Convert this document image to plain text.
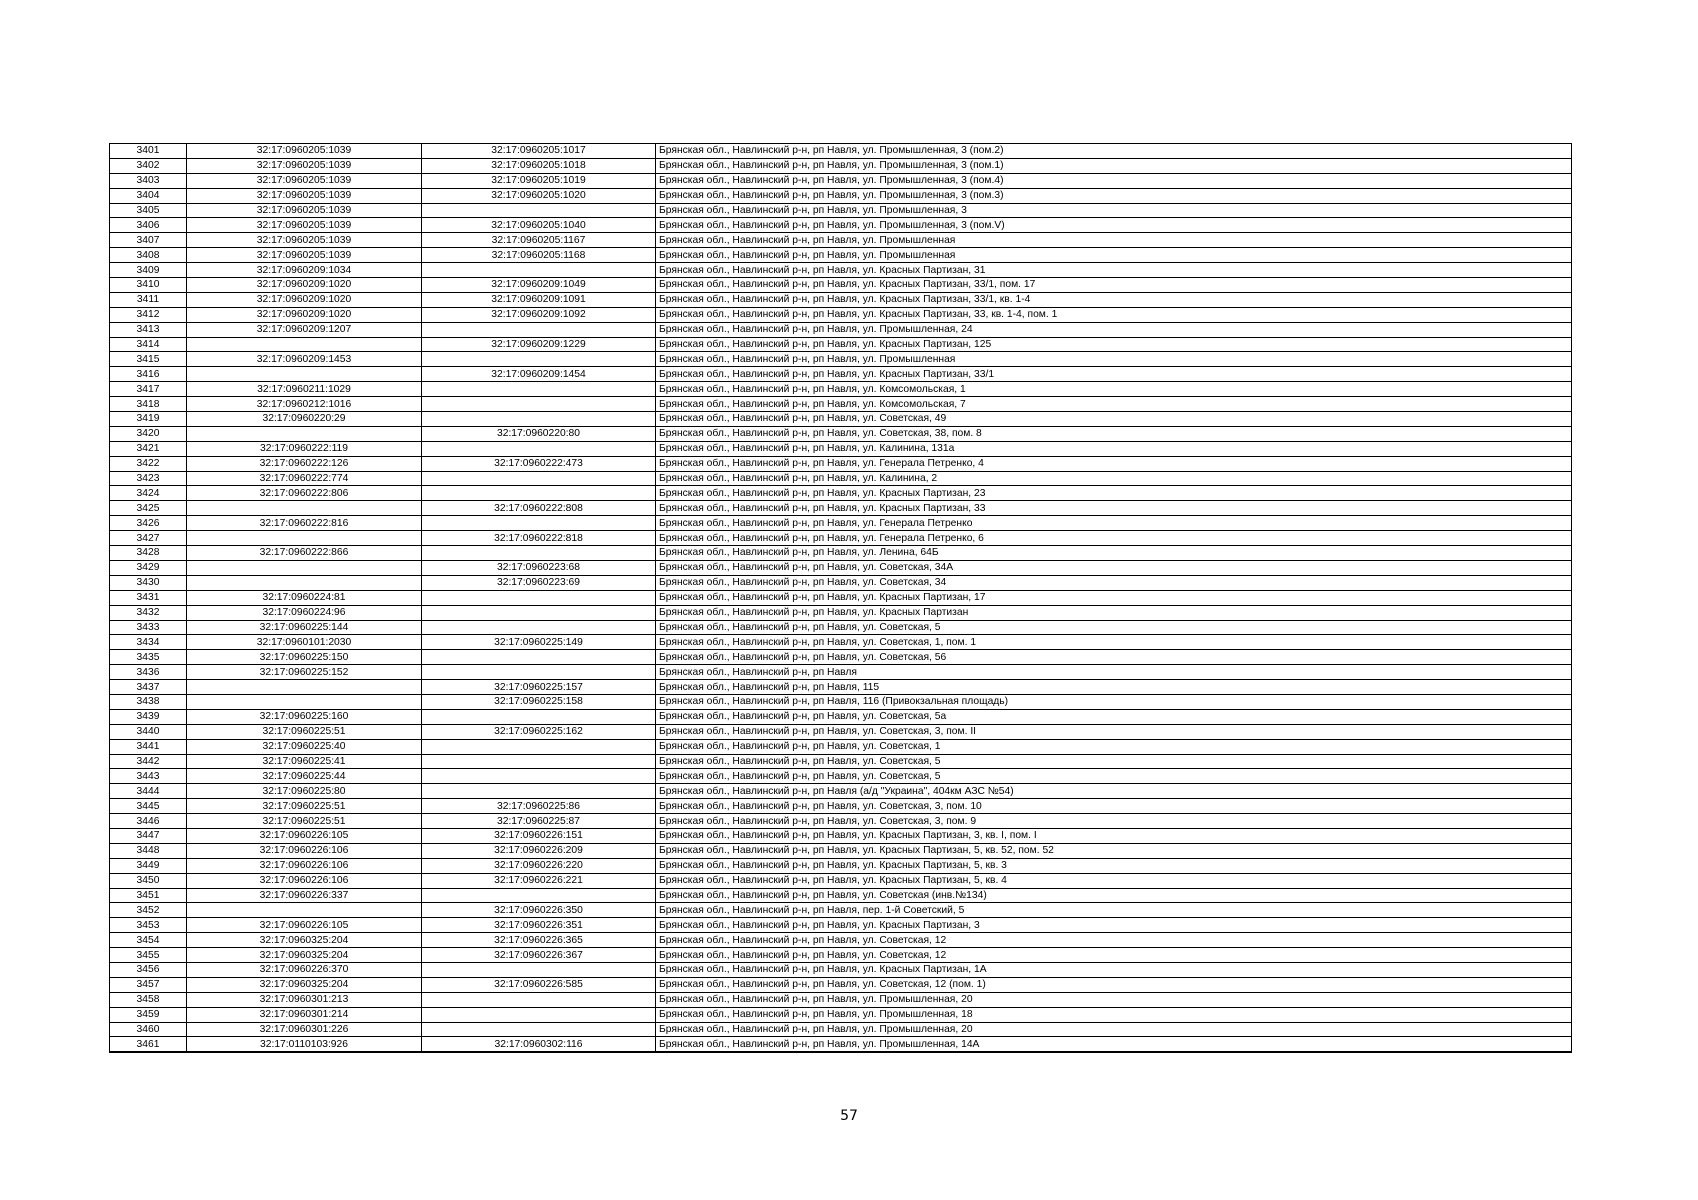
3401	32:17:0960205:1039	32:17:0960205:1017	Брянская обл., Навлинский р-н, рп Навля, ул. Промышленная, 3 (пом.2)
3402	32:17:0960205:1039	32:17:0960205:1018	Брянская обл., Навлинский р-н, рп Навля, ул. Промышленная, 3 (пом.1)
3403	32:17:0960205:1039	32:17:0960205:1019	Брянская обл., Навлинский р-н, рп Навля, ул. Промышленная, 3 (пом.4)
3404	32:17:0960205:1039	32:17:0960205:1020	Брянская обл., Навлинский р-н, рп Навля, ул. Промышленная, 3 (пом.3)
3405	32:17:0960205:1039		Брянская обл., Навлинский р-н, рп Навля, ул. Промышленная, 3
3406	32:17:0960205:1039	32:17:0960205:1040	Брянская обл., Навлинский р-н, рп Навля, ул. Промышленная, 3 (пом.V)
3407	32:17:0960205:1039	32:17:0960205:1167	Брянская обл., Навлинский р-н, рп Навля, ул. Промышленная
3408	32:17:0960205:1039	32:17:0960205:1168	Брянская обл., Навлинский р-н, рп Навля, ул. Промышленная
3409	32:17:0960209:1034		Брянская обл., Навлинский р-н, рп Навля, ул. Красных Партизан, 31
3410	32:17:0960209:1020	32:17:0960209:1049	Брянская обл., Навлинский р-н, рп Навля, ул. Красных Партизан, 33/1, пом. 17
3411	32:17:0960209:1020	32:17:0960209:1091	Брянская обл., Навлинский р-н, рп Навля, ул. Красных Партизан, 33/1, кв. 1-4
3412	32:17:0960209:1020	32:17:0960209:1092	Брянская обл., Навлинский р-н, рп Навля, ул. Красных Партизан, 33, кв. 1-4, пом. 1
3413	32:17:0960209:1207		Брянская обл., Навлинский р-н, рп Навля, ул. Промышленная, 24
3414		32:17:0960209:1229	Брянская обл., Навлинский р-н, рп Навля, ул. Красных Партизан, 125
3415	32:17:0960209:1453		Брянская обл., Навлинский р-н, рп Навля, ул. Промышленная
3416		32:17:0960209:1454	Брянская обл., Навлинский р-н, рп Навля, ул. Красных Партизан, 33/1
3417	32:17:0960211:1029		Брянская обл., Навлинский р-н, рп Навля, ул. Комсомольская, 1
3418	32:17:0960212:1016		Брянская обл., Навлинский р-н, рп Навля, ул. Комсомольская, 7
3419	32:17:0960220:29		Брянская обл., Навлинский р-н, рп Навля, ул. Советская, 49
3420		32:17:0960220:80	Брянская обл., Навлинский р-н, рп Навля, ул. Советская, 38, пом. 8
3421	32:17:0960222:119		Брянская обл., Навлинский р-н, рп Навля, ул. Калинина, 131а
3422	32:17:0960222:126	32:17:0960222:473	Брянская обл., Навлинский р-н, рп Навля, ул. Генерала Петренко, 4
3423	32:17:0960222:774		Брянская обл., Навлинский р-н, рп Навля, ул. Калинина, 2
3424	32:17:0960222:806		Брянская обл., Навлинский р-н, рп Навля, ул. Красных Партизан, 23
3425		32:17:0960222:808	Брянская обл., Навлинский р-н, рп Навля, ул. Красных Партизан, 33
3426	32:17:0960222:816		Брянская обл., Навлинский р-н, рп Навля, ул. Генерала Петренко
3427		32:17:0960222:818	Брянская обл., Навлинский р-н, рп Навля, ул. Генерала Петренко, 6
3428	32:17:0960222:866		Брянская обл., Навлинский р-н, рп Навля, ул. Ленина, 64Б
3429		32:17:0960223:68	Брянская обл., Навлинский р-н, рп Навля, ул. Советская, 34А
3430		32:17:0960223:69	Брянская обл., Навлинский р-н, рп Навля, ул. Советская, 34
3431	32:17:0960224:81		Брянская обл., Навлинский р-н, рп Навля, ул. Красных Партизан, 17
3432	32:17:0960224:96		Брянская обл., Навлинский р-н, рп Навля, ул. Красных Партизан
3433	32:17:0960225:144		Брянская обл., Навлинский р-н, рп Навля, ул. Советская, 5
3434	32:17:0960101:2030	32:17:0960225:149	Брянская обл., Навлинский р-н, рп Навля, ул. Советская, 1, пом. 1
3435	32:17:0960225:150		Брянская обл., Навлинский р-н, рп Навля, ул. Советская, 56
3436	32:17:0960225:152		Брянская обл., Навлинский р-н, рп Навля
3437		32:17:0960225:157	Брянская обл., Навлинский р-н, рп Навля, 115
3438		32:17:0960225:158	Брянская обл., Навлинский р-н, рп Навля, 116 (Привокзальная площадь)
3439	32:17:0960225:160		Брянская обл., Навлинский р-н, рп Навля, ул. Советская, 5а
3440	32:17:0960225:51	32:17:0960225:162	Брянская обл., Навлинский р-н, рп Навля, ул. Советская, 3, пом. II
3441	32:17:0960225:40		Брянская обл., Навлинский р-н, рп Навля, ул. Советская, 1
3442	32:17:0960225:41		Брянская обл., Навлинский р-н, рп Навля, ул. Советская, 5
3443	32:17:0960225:44		Брянская обл., Навлинский р-н, рп Навля, ул. Советская, 5
3444	32:17:0960225:80		Брянская обл., Навлинский р-н, рп Навля (а/д "Украина", 404км АЗС №54)
3445	32:17:0960225:51	32:17:0960225:86	Брянская обл., Навлинский р-н, рп Навля, ул. Советская, 3, пом. 10
3446	32:17:0960225:51	32:17:0960225:87	Брянская обл., Навлинский р-н, рп Навля, ул. Советская, 3, пом. 9
3447	32:17:0960226:105	32:17:0960226:151	Брянская обл., Навлинский р-н, рп Навля, ул. Красных Партизан, 3, кв. I, пом. I
3448	32:17:0960226:106	32:17:0960226:209	Брянская обл., Навлинский р-н, рп Навля, ул. Красных Партизан, 5, кв. 52, пом. 52
3449	32:17:0960226:106	32:17:0960226:220	Брянская обл., Навлинский р-н, рп Навля, ул. Красных Партизан, 5, кв. 3
3450	32:17:0960226:106	32:17:0960226:221	Брянская обл., Навлинский р-н, рп Навля, ул. Красных Партизан, 5, кв. 4
3451	32:17:0960226:337		Брянская обл., Навлинский р-н, рп Навля, ул. Советская (инв.№134)
3452		32:17:0960226:350	Брянская обл., Навлинский р-н, рп Навля, пер. 1-й Советский, 5
3453	32:17:0960226:105	32:17:0960226:351	Брянская обл., Навлинский р-н, рп Навля, ул. Красных Партизан, 3
3454	32:17:0960325:204	32:17:0960226:365	Брянская обл., Навлинский р-н, рп Навля, ул. Советская, 12
3455	32:17:0960325:204	32:17:0960226:367	Брянская обл., Навлинский р-н, рп Навля, ул. Советская, 12
3456	32:17:0960226:370		Брянская обл., Навлинский р-н, рп Навля, ул. Красных Партизан, 1А
3457	32:17:0960325:204	32:17:0960226:585	Брянская обл., Навлинский р-н, рп Навля, ул. Советская, 12 (пом. 1)
3458	32:17:0960301:213		Брянская обл., Навлинский р-н, рп Навля, ул. Промышленная, 20
3459	32:17:0960301:214		Брянская обл., Навлинский р-н, рп Навля, ул. Промышленная, 18
3460	32:17:0960301:226		Брянская обл., Навлинский р-н, рп Навля, ул. Промышленная, 20
3461	32:17:0110103:926	32:17:0960302:116	Брянская обл., Навлинский р-н, рп Навля, ул. Промышленная, 14А
57
